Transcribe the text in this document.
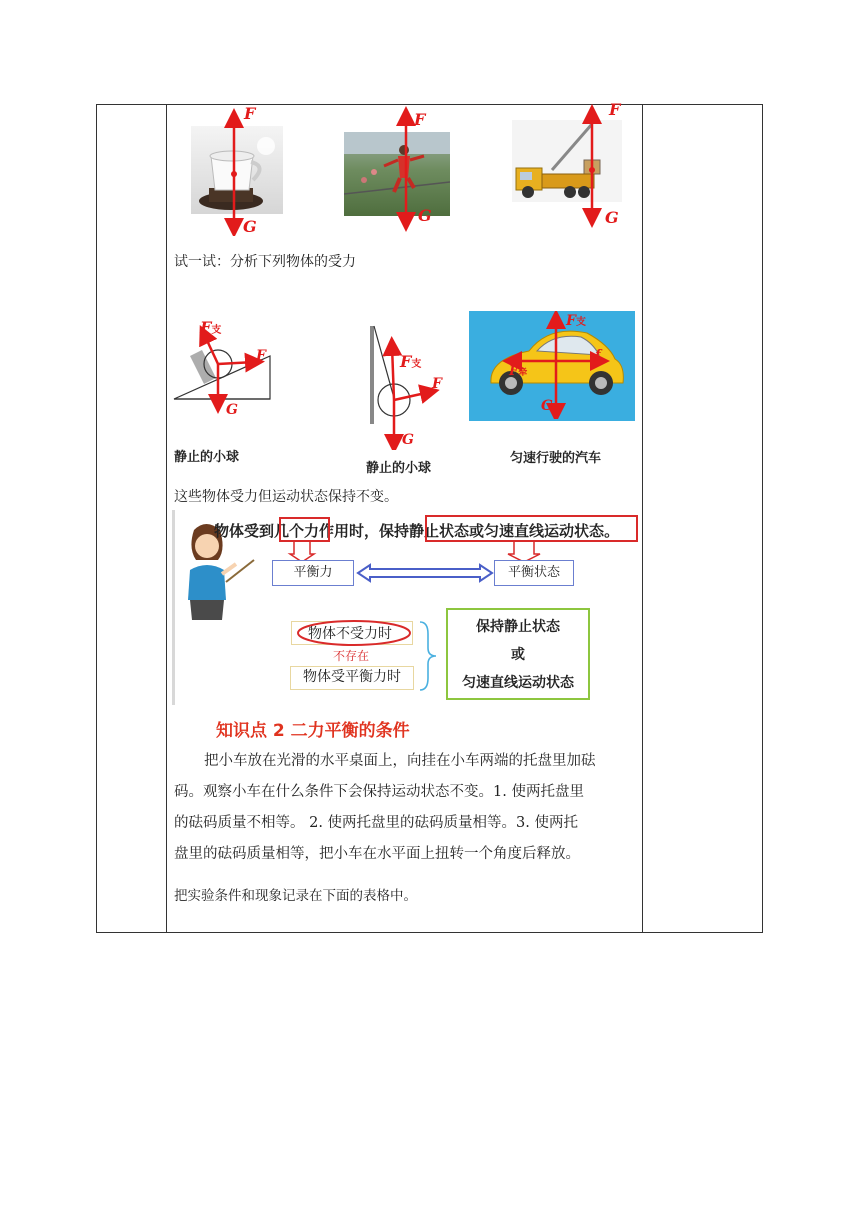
F
G
F
G
F
G
试一试：分析下列物体的受力
F支
F
G
静止的小球
F支
F
G
静止的小球
F支
f
F牵
G
匀速行驶的汽车
这些物体受力但运动状态保持不变。
物体受到几个力作用时，保持静止状态或匀速直线运动状态。
平衡力	平衡状态
物体不受力时
不存在
物体受平衡力时
保持静止状态
或
匀速直线运动状态
知识点 2 二力平衡的条件
把小车放在光滑的水平桌面上，向挂在小车两端的托盘里加砝
码。观察小车在什么条件下会保持运动状态不变。1. 使两托盘里
的砝码质量不相等。 2. 使两托盘里的砝码质量相等。3. 使两托
盘里的砝码质量相等，把小车在水平面上扭转一个角度后释放。
把实验条件和现象记录在下面的表格中。
